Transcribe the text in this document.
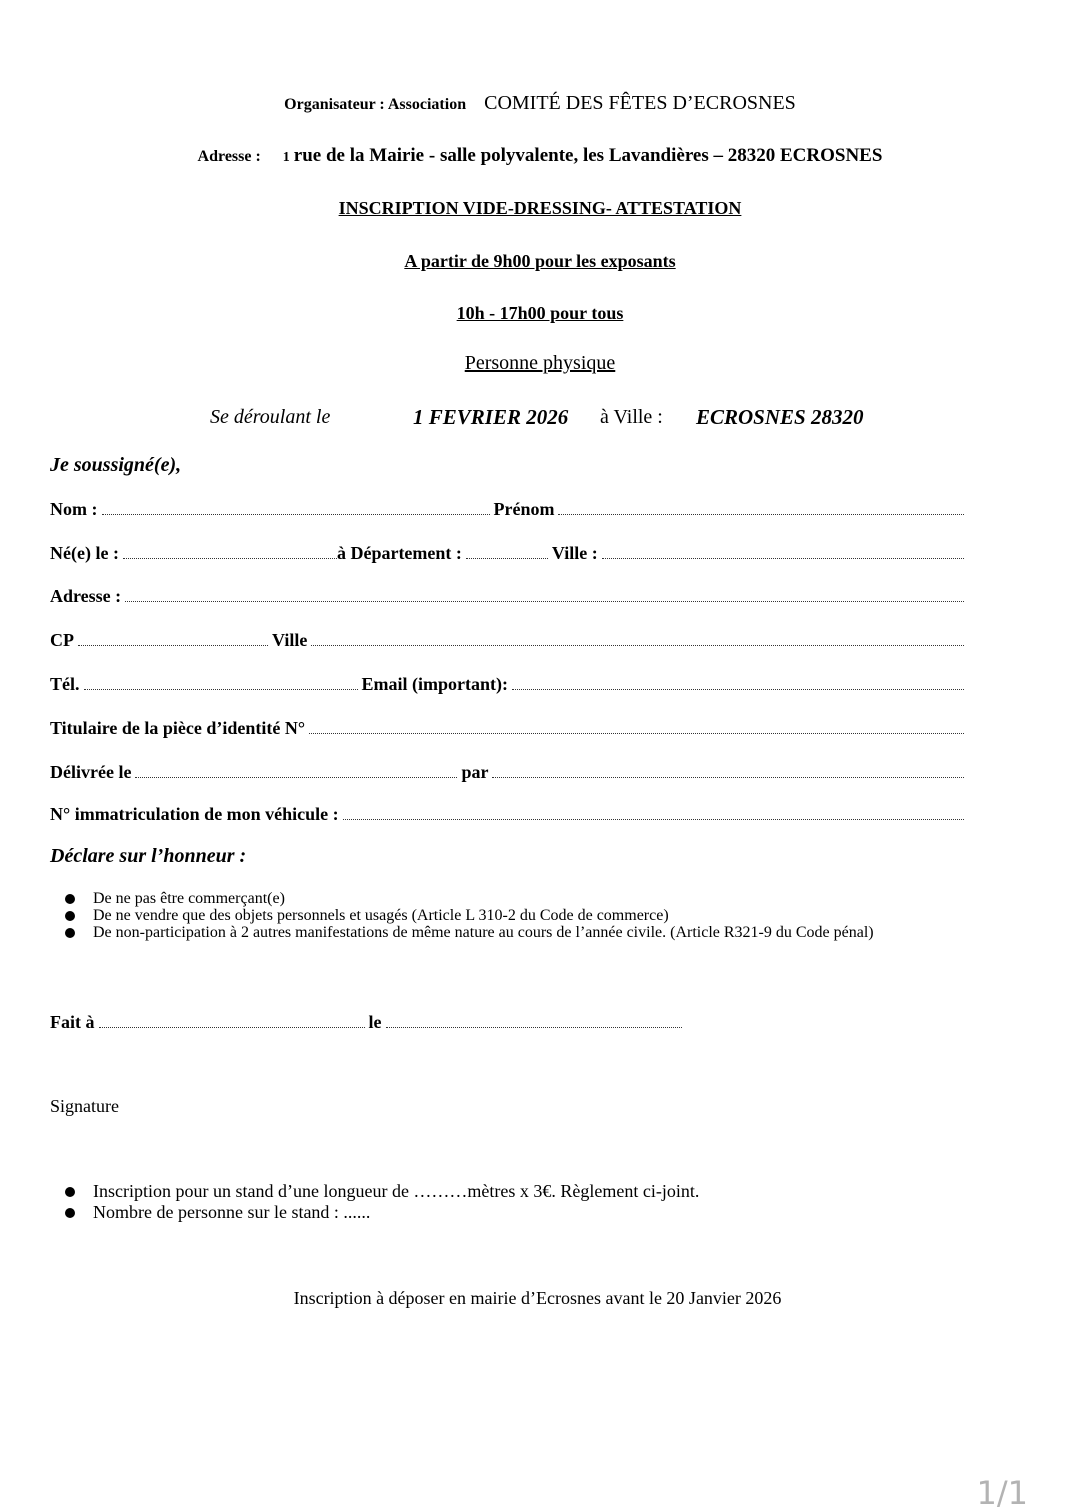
Organisateur : Association COMITÉ DES FÊTES D’ECROSNES
Adresse : 1 rue de la Mairie - salle polyvalente, les Lavandières – 28320 ECROSNES
INSCRIPTION VIDE-DRESSING- ATTESTATION
A partir de 9h00 pour les exposants
10h - 17h00 pour tous
Personne physique
Se déroulant le	1 FEVRIER 2026 à Ville : ECROSNES 28320
Je soussigné(e),
Nom :	Prénom
Né(e) le :	à Département :	Ville :
Adresse :
CP	Ville
Tél.	Email (important):
Titulaire de la pièce d’identité N°
Délivrée le	par
N° immatriculation de mon véhicule :
Déclare sur l’honneur :
De ne pas être commerçant(e)
De ne vendre que des objets personnels et usagés (Article L 310-2 du Code de commerce)
De non-participation à 2 autres manifestations de même nature au cours de l’année civile. (Article R321-9 du Code pénal)
Fait à	le
Signature
Inscription pour un stand d’une longueur de ………mètres x 3€. Règlement ci-joint.
Nombre de personne sur le stand : ......
Inscription à déposer en mairie d’Ecrosnes avant le 20 Janvier 2026
1/1
